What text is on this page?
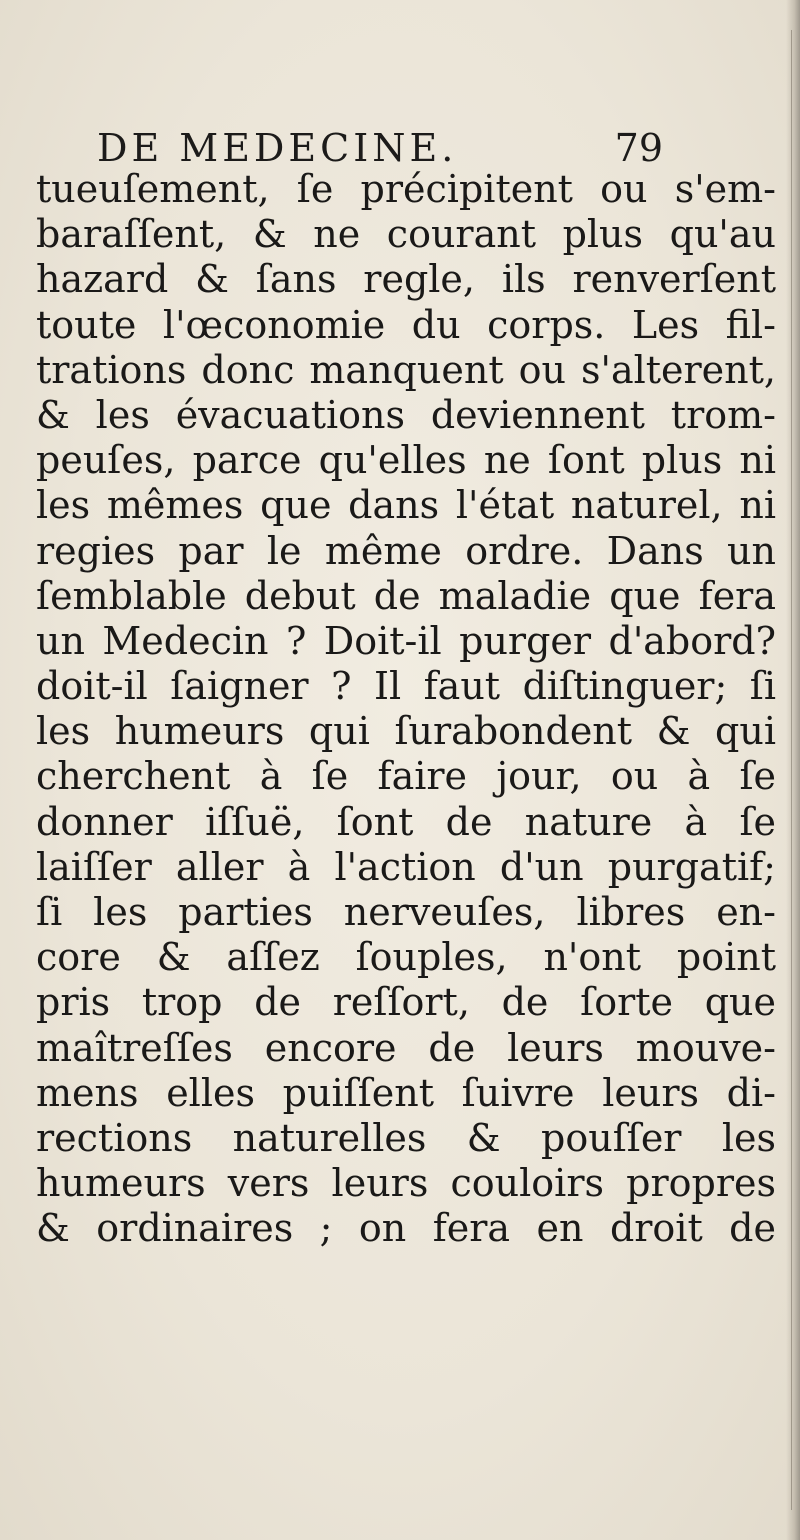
DE MEDECINE.	79
tueuſement, ſe précipitent ou s'em-
baraſſent, & ne courant plus qu'au
hazard & ſans regle, ils renverſent
toute l'œconomie du corps. Les fil-
trations donc manquent ou s'alterent,
& les évacuations deviennent trom-
peuſes, parce qu'elles ne ſont plus ni
les mêmes que dans l'état naturel, ni
regies par le même ordre. Dans un
ſemblable debut de maladie que fera
un Medecin ? Doit-il purger d'abord?
doit-il ſaigner ? Il faut diſtinguer; ſi
les humeurs qui ſurabondent & qui
cherchent à ſe faire jour, ou à ſe
donner iſſuë, ſont de nature à ſe
laiſſer aller à l'action d'un purgatif;
ſi les parties nerveuſes, libres en-
core & aſſez ſouples, n'ont point
pris trop de reſſort, de ſorte que
maîtreſſes encore de leurs mouve-
mens elles puiſſent ſuivre leurs di-
rections naturelles & pouſſer les
humeurs vers leurs couloirs propres
& ordinaires ; on fera en droit de
